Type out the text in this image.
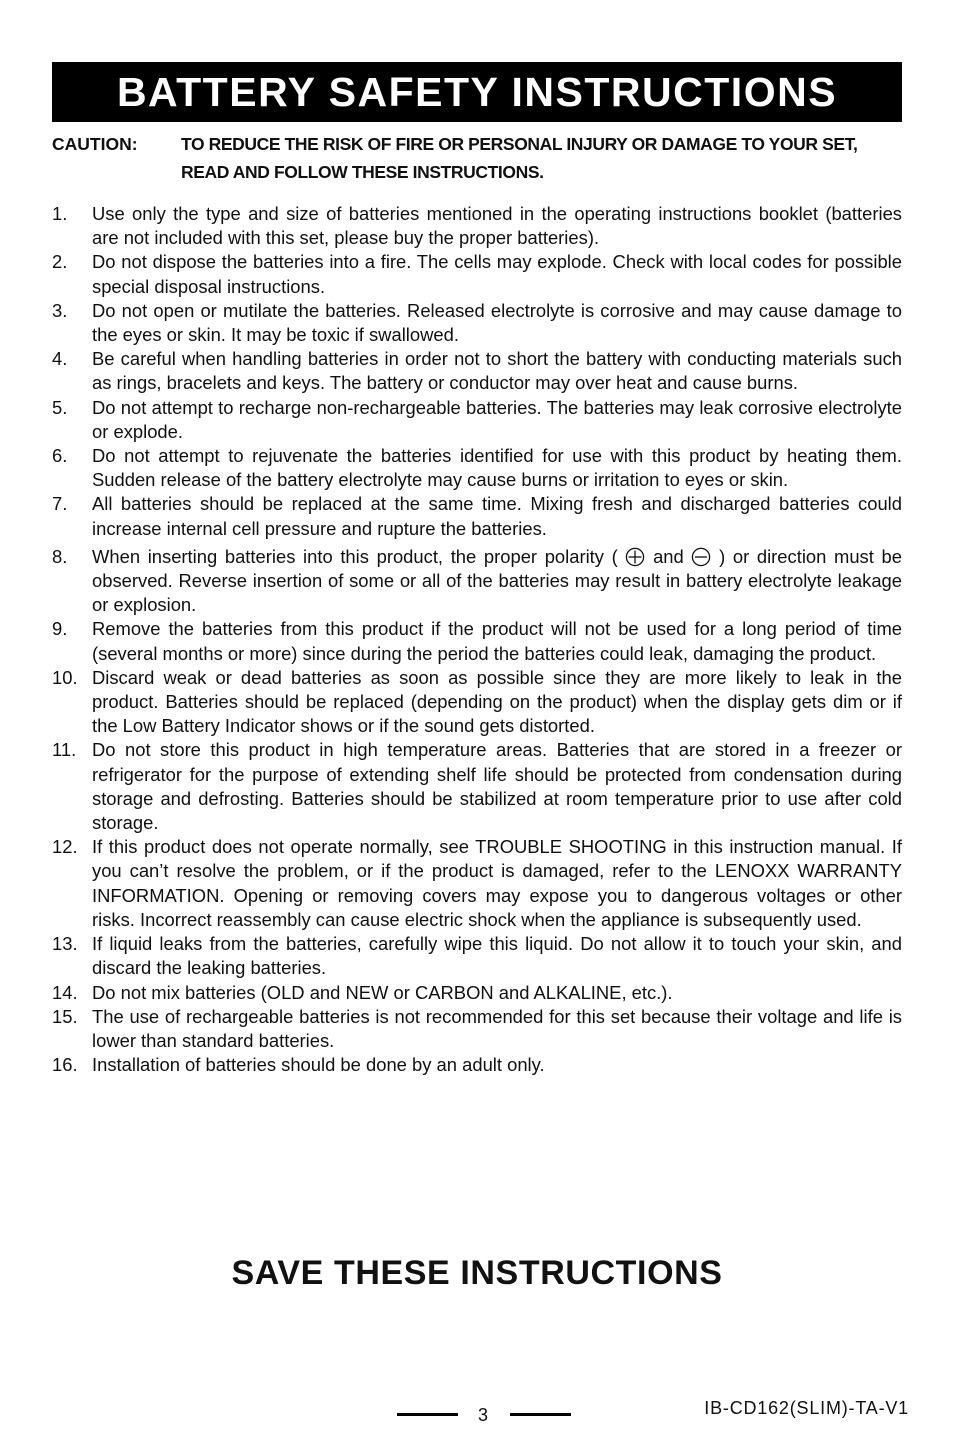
BATTERY SAFETY INSTRUCTIONS
CAUTION:	TO REDUCE THE RISK OF FIRE OR PERSONAL INJURY OR DAMAGE TO YOUR SET, READ AND FOLLOW THESE INSTRUCTIONS.
1.	Use only the type and size of batteries mentioned in the operating instructions booklet (batteries are not included with this set, please buy the proper batteries).
2.	Do not dispose the batteries into a fire. The cells may explode. Check with local codes for possible special disposal instructions.
3.	Do not open or mutilate the batteries. Released electrolyte is corrosive and may cause damage to the eyes or skin. It may be toxic if swallowed.
4.	Be careful when handling batteries in order not to short the battery with conducting materials such as rings, bracelets and keys. The battery or conductor may over heat and cause burns.
5.	Do not attempt to recharge non-rechargeable batteries. The batteries may leak corrosive electrolyte or explode.
6.	Do not attempt to rejuvenate the batteries identified for use with this product by heating them. Sudden release of the battery electrolyte may cause burns or irritation to eyes or skin.
7.	All batteries should be replaced at the same time. Mixing fresh and discharged batteries could increase internal cell pressure and rupture the batteries.
8.	When inserting batteries into this product, the proper polarity ( and ) or direction must be observed. Reverse insertion of some or all of the batteries may result in battery electrolyte leakage or explosion.
9.	Remove the batteries from this product if the product will not be used for a long period of time (several months or more) since during the period the batteries could leak, damaging the product.
10. Discard weak or dead batteries as soon as possible since they are more likely to leak in the product. Batteries should be replaced (depending on the product) when the display gets dim or if the Low Battery Indicator shows or if the sound gets distorted.
11. Do not store this product in high temperature areas. Batteries that are stored in a freezer or refrigerator for the purpose of extending shelf life should be protected from condensation during storage and defrosting. Batteries should be stabilized at room temperature prior to use after cold storage.
12. If this product does not operate normally, see TROUBLE SHOOTING in this instruction manual. If you can’t resolve the problem, or if the product is damaged, refer to the LENOXX WARRANTY INFORMATION. Opening or removing covers may expose you to dangerous voltages or other risks. Incorrect reassembly can cause electric shock when the appliance is subsequently used.
13. If liquid leaks from the batteries, carefully wipe this liquid. Do not allow it to touch your skin, and discard the leaking batteries.
14. Do not mix batteries (OLD and NEW or CARBON and ALKALINE, etc.).
15. The use of rechargeable batteries is not recommended for this set because their voltage and life is lower than standard batteries.
16. Installation of batteries should be done by an adult only.
SAVE THESE INSTRUCTIONS
3	IB-CD162(SLIM)-TA-V1
